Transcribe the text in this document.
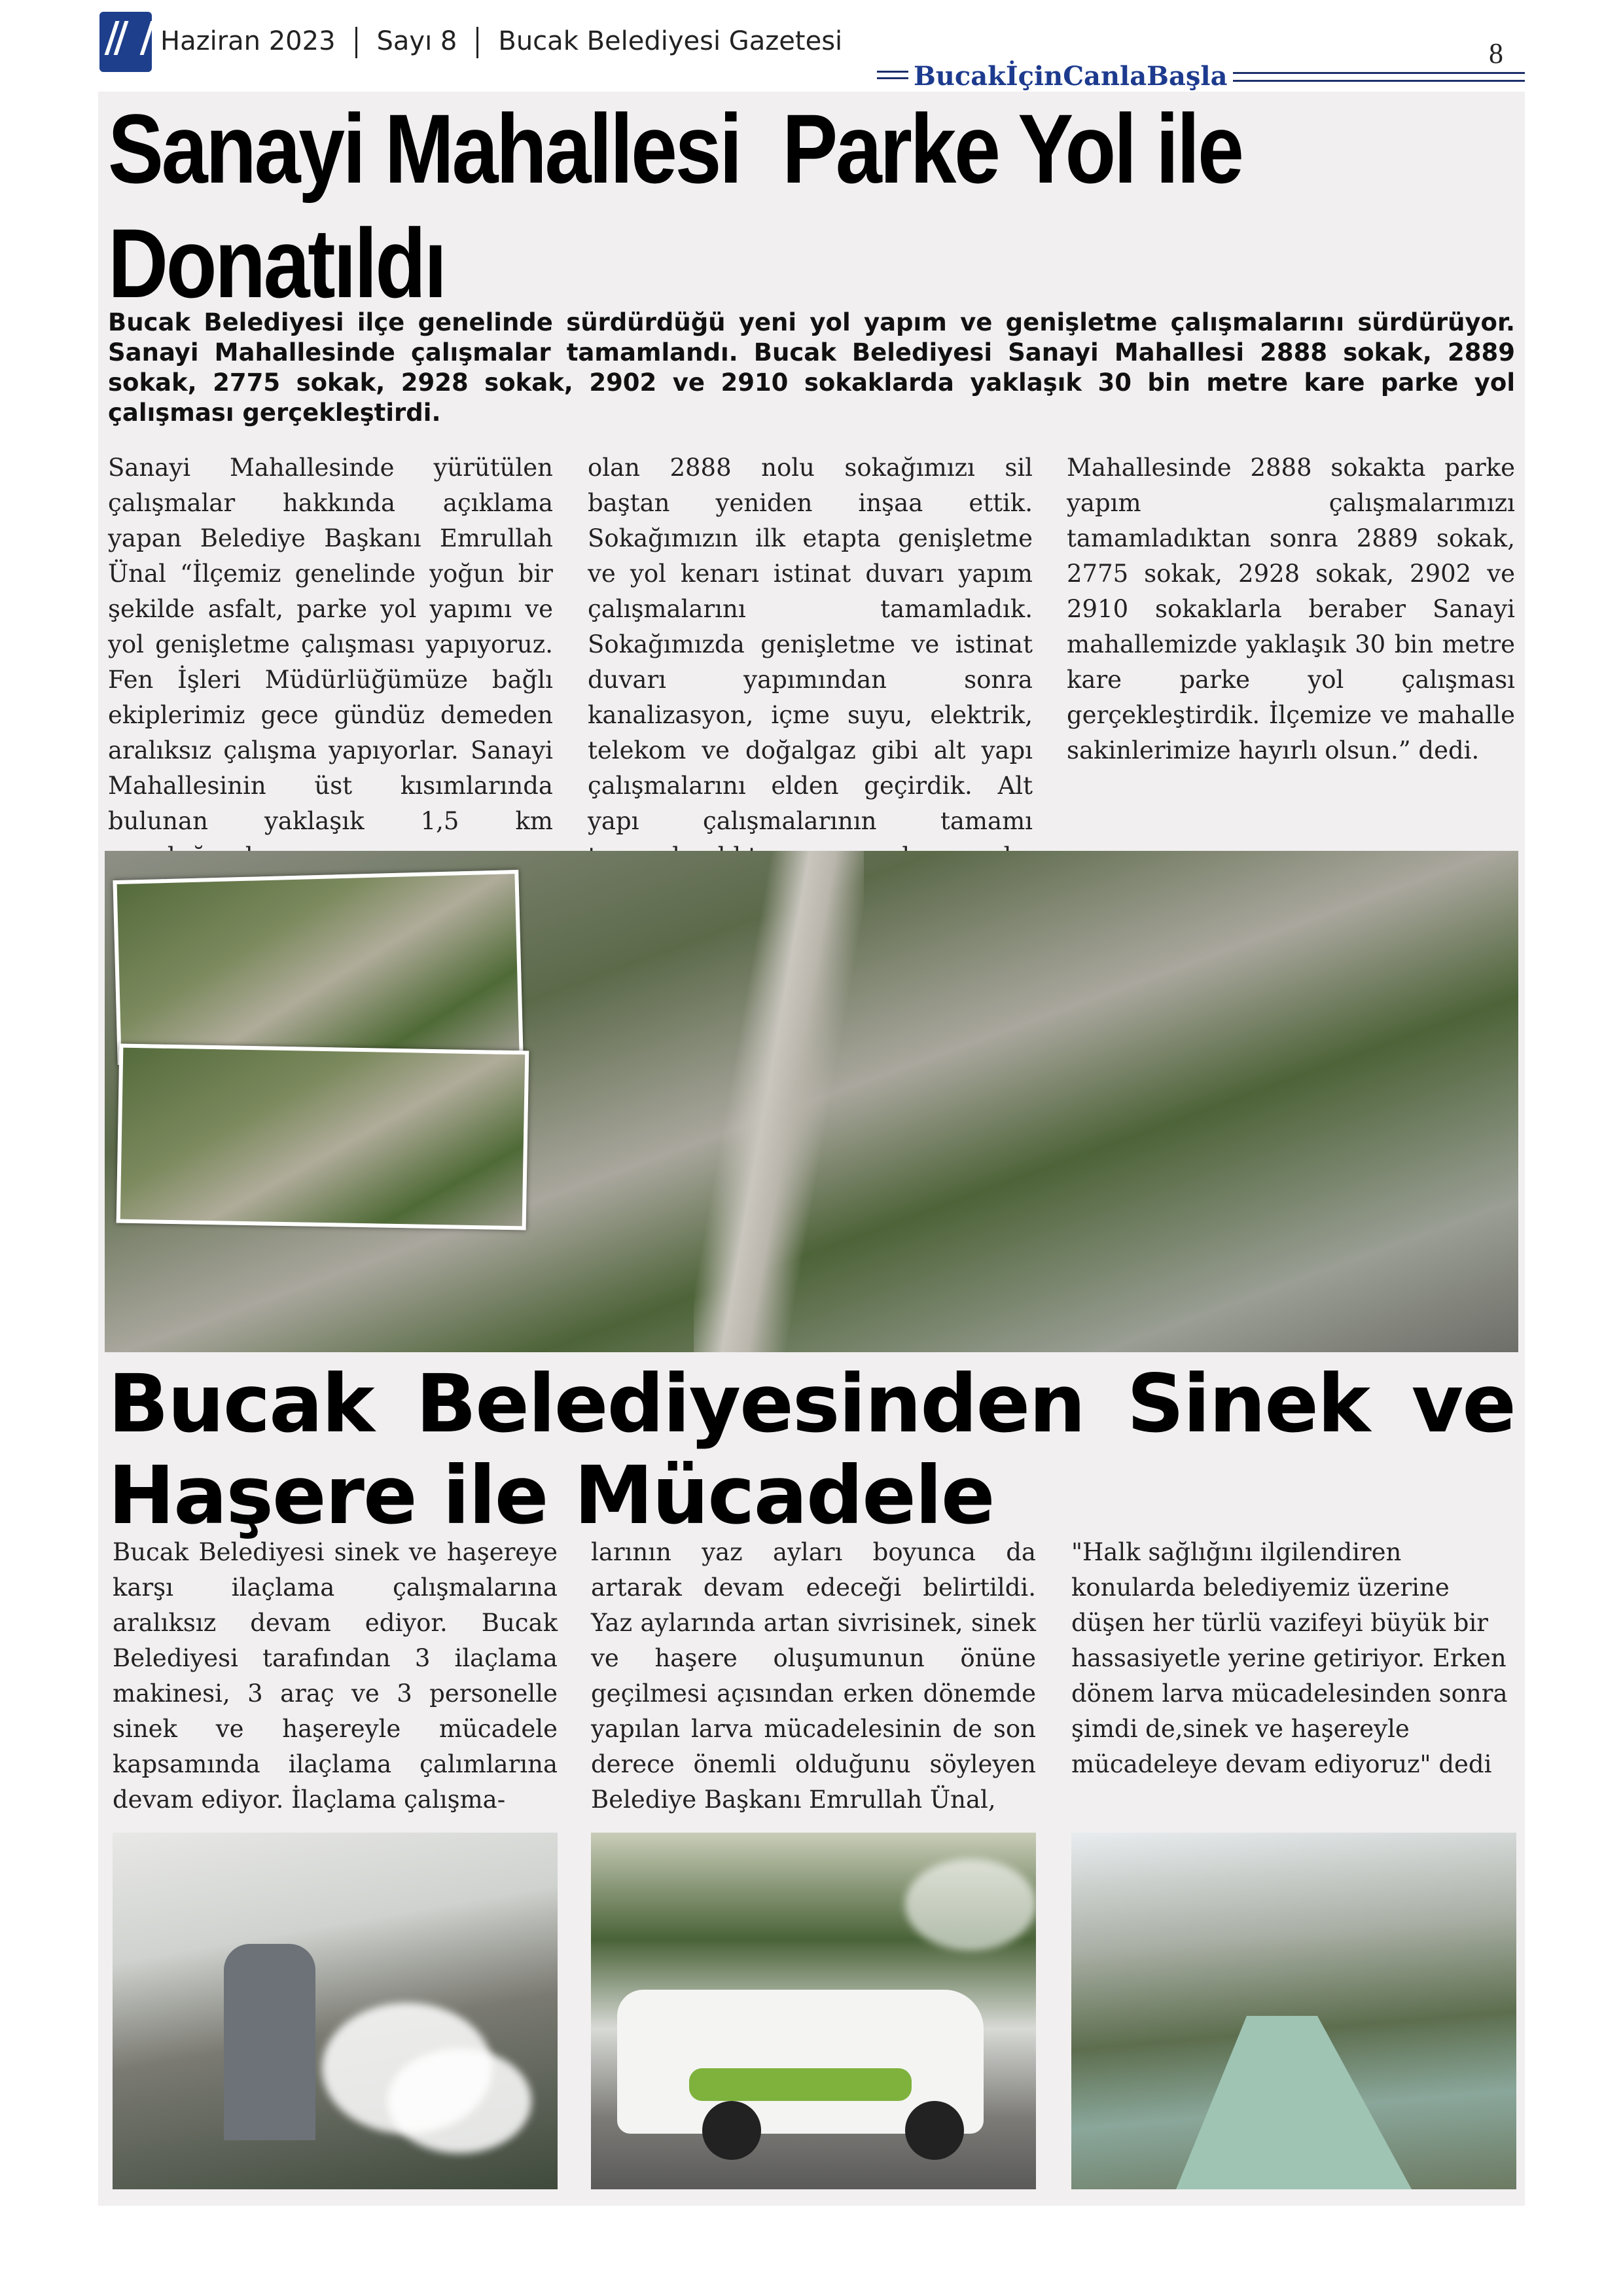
Haziran 2023 Sayı 8 Bucak Belediyesi Gazetesi
BucakİçinCanlaBaşla
8
Sanayi Mahallesi  Parke Yol ile
Donatıldı
Bucak Belediyesi ilçe genelinde sürdürdüğü yeni yol yapım ve genişletme çalışmalarını sürdürüyor. Sanayi Mahallesinde çalışmalar tamamlandı. Bucak Belediyesi Sanayi Mahallesi 2888 sokak, 2889 sokak, 2775 sokak, 2928 sokak, 2902 ve 2910 sokaklarda yaklaşık 30 bin metre kare parke yol çalışması gerçekleştirdi.
Sanayi Mahallesinde yürütülen çalışmalar hakkında açıklama yapan Belediye Başkanı Emrullah Ünal “İlçemiz genelinde yoğun bir şekilde asfalt, parke yol yapımı ve yol genişletme çalışması yapıyoruz. Fen İşleri Müdürlüğümüze bağlı ekiplerimiz gece gündüz demeden aralıksız çalışma yapıyorlar. Sanayi Mahallesinin üst kısımlarında bulunan yaklaşık 1,5 km
olan 2888 nolu sokağımızı sil baştan yeniden inşaa ettik. Sokağımızın ilk etapta genişletme ve yol kenarı istinat duvarı yapım çalışmalarını tamamladık. Sokağımızda genişletme ve istinat duvarı yapımından sonra kanalizasyon, içme suyu, elektrik, telekom ve doğalgaz gibi alt yapı çalışmalarını elden geçirdik. Alt yapı çalışmalarının tamamı
Mahallesinde 2888 sokakta parke yapım çalışmalarımızı tamamladıktan sonra 2889 sokak, 2775 sokak, 2928 sokak, 2902 ve 2910 sokaklarla beraber Sanayi mahallemizde yaklaşık 30 bin metre kare parke yol çalışması gerçekleştirdik. İlçemize ve mahalle sakinlerimize hayırlı olsun.” dedi.
Bucak Belediyesinden Sinek ve
Haşere ile Mücadele
Bucak Belediyesi sinek ve haşereye karşı ilaçlama çalışmalarına aralıksız devam ediyor. Bucak Belediyesi tarafından 3 ilaçlama makinesi, 3 araç ve 3 personelle sinek ve haşereyle mücadele kapsamında ilaçlama çalımlarına devam ediyor. İlaçlama çalışma-
larının yaz ayları boyunca da artarak devam edeceği belirtildi. Yaz aylarında artan sivrisinek, sinek ve haşere oluşumunun önüne geçilmesi açısından erken dönemde yapılan larva mücadelesinin de son derece önemli olduğunu söyleyen Belediye Başkanı Emrullah Ünal,
"Halk sağlığını ilgilendiren konularda belediyemiz üzerine düşen her türlü vazifeyi büyük bir hassasiyetle yerine getiriyor. Erken dönem larva mücadelesinden sonra şimdi de,sinek ve haşereyle mücadeleye devam ediyoruz" dedi
